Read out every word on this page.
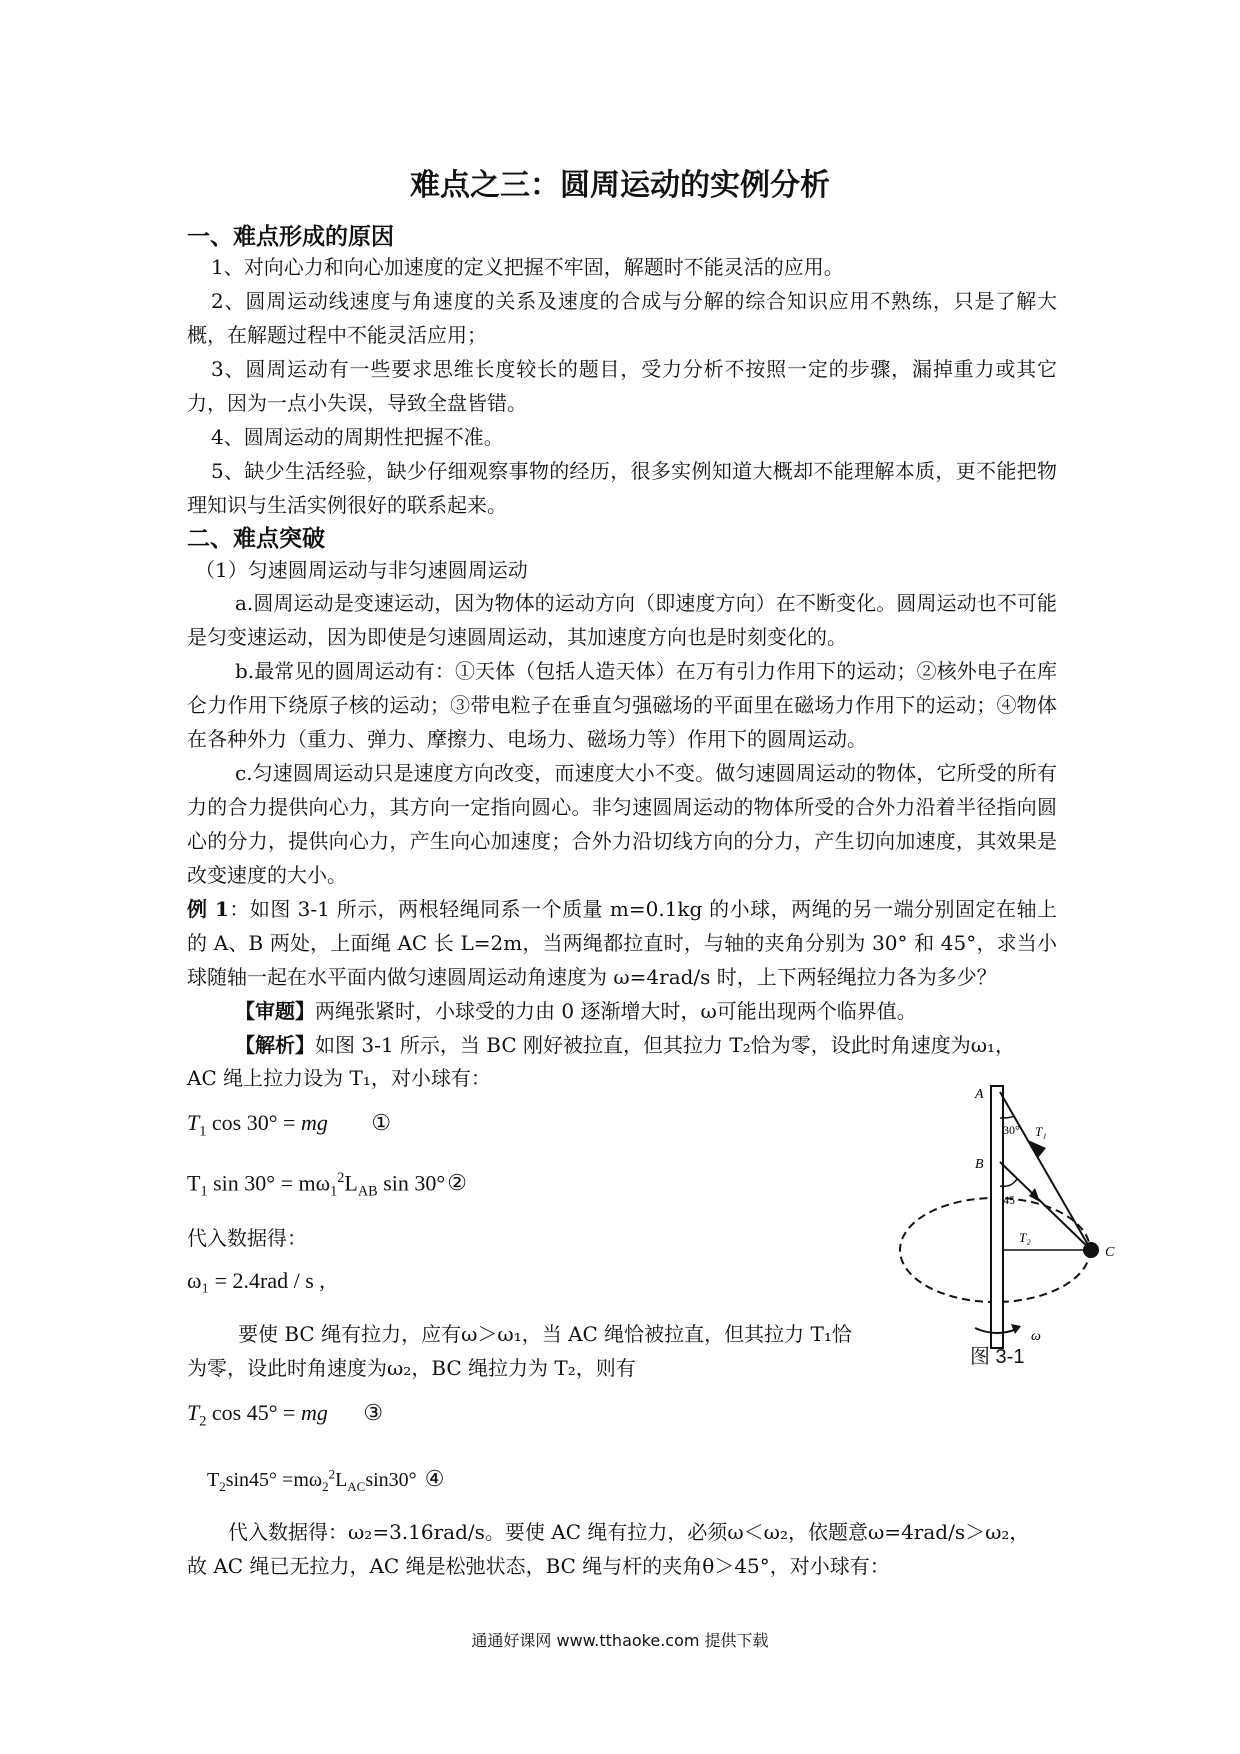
难点之三：圆周运动的实例分析
一、难点形成的原因
1、对向心力和向心加速度的定义把握不牢固，解题时不能灵活的应用。
2、圆周运动线速度与角速度的关系及速度的合成与分解的综合知识应用不熟练，只是了解大概，在解题过程中不能灵活应用；
3、圆周运动有一些要求思维长度较长的题目，受力分析不按照一定的步骤，漏掉重力或其它力，因为一点小失误，导致全盘皆错。
4、圆周运动的周期性把握不准。
5、缺少生活经验，缺少仔细观察事物的经历，很多实例知道大概却不能理解本质，更不能把物理知识与生活实例很好的联系起来。
二、难点突破
（1）匀速圆周运动与非匀速圆周运动
a.圆周运动是变速运动，因为物体的运动方向（即速度方向）在不断变化。圆周运动也不可能是匀变速运动，因为即使是匀速圆周运动，其加速度方向也是时刻变化的。
b.最常见的圆周运动有：①天体（包括人造天体）在万有引力作用下的运动；②核外电子在库仑力作用下绕原子核的运动；③带电粒子在垂直匀强磁场的平面里在磁场力作用下的运动；④物体在各种外力（重力、弹力、摩擦力、电场力、磁场力等）作用下的圆周运动。
c.匀速圆周运动只是速度方向改变，而速度大小不变。做匀速圆周运动的物体，它所受的所有力的合力提供向心力，其方向一定指向圆心。非匀速圆周运动的物体所受的合外力沿着半径指向圆心的分力，提供向心力，产生向心加速度；合外力沿切线方向的分力，产生切向加速度，其效果是改变速度的大小。
例 1：如图 3-1 所示，两根轻绳同系一个质量 m=0.1kg 的小球，两绳的另一端分别固定在轴上的 A、B 两处，上面绳 AC 长 L=2m，当两绳都拉直时，与轴的夹角分别为 30° 和 45°，求当小球随轴一起在水平面内做匀速圆周运动角速度为 ω=4rad/s 时，上下两轻绳拉力各为多少？
【审题】两绳张紧时，小球受的力由 0 逐渐增大时，ω可能出现两个临界值。
【解析】如图 3-1 所示，当 BC 刚好被拉直，但其拉力 T₂恰为零，设此时角速度为ω₁，
AC 绳上拉力设为 T₁，对小球有：
$T_1$ cos 30° = mg ①
$T_1$ $\sin 30^\circ = m\omega_1^2L_{AB}$ sin 30°②
代入数据得：
ω₁ = 2.4rad / s ,
要使 BC 绳有拉力，应有ω＞ω₁，当 AC 绳恰被拉直，但其拉力 T₁恰
为零，设此时角速度为ω₂，BC 绳拉力为 T₂，则有
$T_2$ cos 45° = mg ③
$T_2\sin 45^\circ =m\omega_2^2L_{AC}\sin 30^\circ$ ④
代入数据得：ω₂=3.16rad/s。要使 AC 绳有拉力，必须ω＜ω₂，依题意ω=4rad/s＞ω₂，
故 AC 绳已无拉力，AC 绳是松弛状态，BC 绳与杆的夹角θ＞45°，对小球有：
A
B
C
T₁
T₂
30°
45
ω
图 3-1
通通好课网 www.tthaoke.com 提供下载
